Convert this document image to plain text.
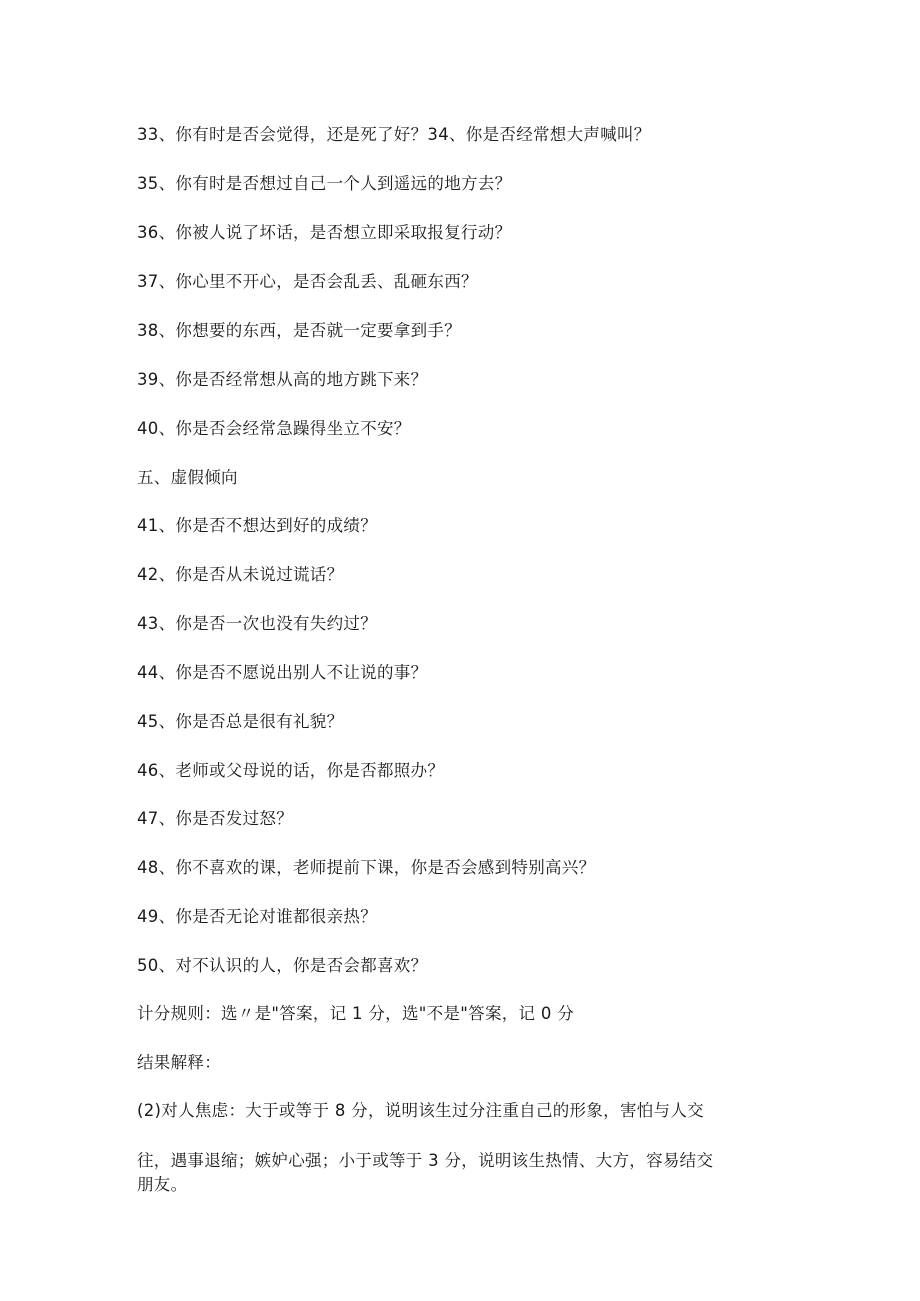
33、你有时是否会觉得，还是死了好？34、你是否经常想大声喊叫？
35、你有时是否想过自己一个人到遥远的地方去？
36、你被人说了坏话，是否想立即采取报复行动？
37、你心里不开心，是否会乱丢、乱砸东西？
38、你想要的东西，是否就一定要拿到手？
39、你是否经常想从高的地方跳下来？
40、你是否会经常急躁得坐立不安？
五、虚假倾向
41、你是否不想达到好的成绩？
42、你是否从未说过谎话？
43、你是否一次也没有失约过？
44、你是否不愿说出别人不让说的事？
45、你是否总是很有礼貌？
46、老师或父母说的话，你是否都照办？
47、你是否发过怒？
48、你不喜欢的课，老师提前下课，你是否会感到特别高兴？
49、你是否无论对谁都很亲热？
50、对不认识的人，你是否会都喜欢？
计分规则：选〃是"答案，记 1 分，选"不是"答案，记 0 分
结果解释：
(2)对人焦虑：大于或等于 8 分，说明该生过分注重自己的形象，害怕与人交
往，遇事退缩；嫉妒心强；小于或等于 3 分，说明该生热情、大方，容易结交
朋友。
